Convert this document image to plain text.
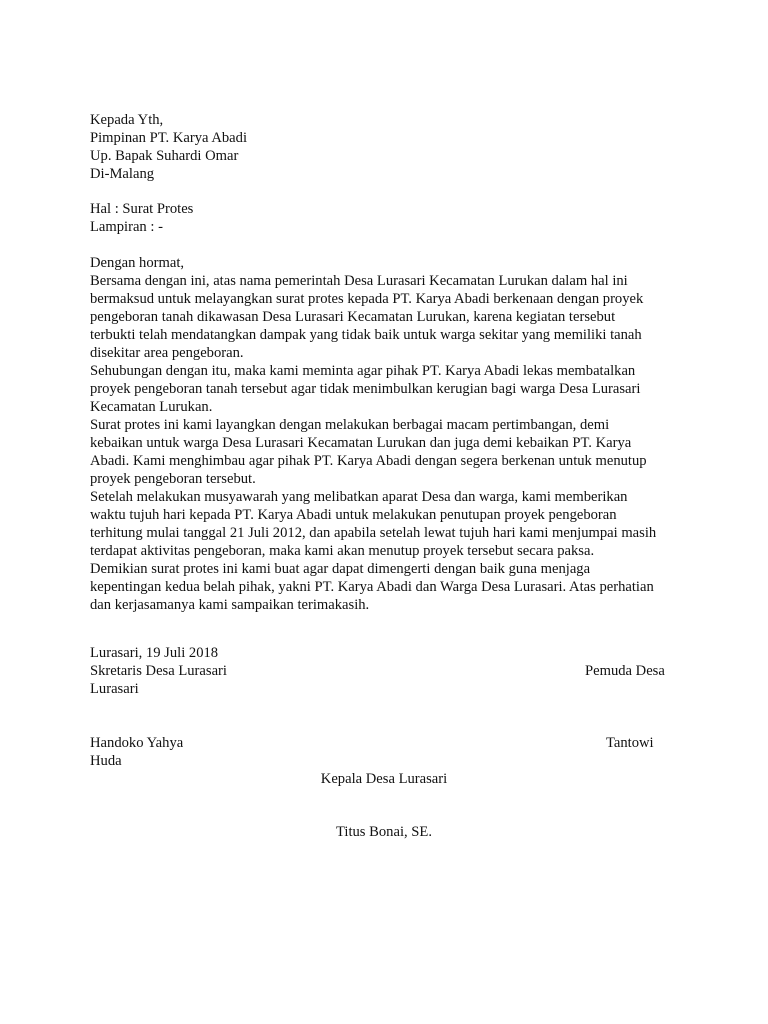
Kepada Yth,
Pimpinan PT. Karya Abadi
Up. Bapak Suhardi Omar
Di-Malang
Hal : Surat Protes
Lampiran : -
Dengan hormat,
Bersama dengan ini, atas nama pemerintah Desa Lurasari Kecamatan Lurukan dalam hal ini
bermaksud untuk melayangkan surat protes kepada PT. Karya Abadi berkenaan dengan proyek
pengeboran tanah dikawasan Desa Lurasari Kecamatan Lurukan, karena kegiatan tersebut
terbukti telah mendatangkan dampak yang tidak baik untuk warga sekitar yang memiliki tanah
disekitar area pengeboran.
Sehubungan dengan itu, maka kami meminta agar pihak PT. Karya Abadi lekas membatalkan
proyek pengeboran tanah tersebut agar tidak menimbulkan kerugian bagi warga Desa Lurasari
Kecamatan Lurukan.
Surat protes ini kami layangkan dengan melakukan berbagai macam pertimbangan, demi
kebaikan untuk warga Desa Lurasari Kecamatan Lurukan dan juga demi kebaikan PT. Karya
Abadi. Kami menghimbau agar pihak PT. Karya Abadi dengan segera berkenan untuk menutup
proyek pengeboran tersebut.
Setelah melakukan musyawarah yang melibatkan aparat Desa dan warga, kami memberikan
waktu tujuh hari kepada PT. Karya Abadi untuk melakukan penutupan proyek pengeboran
terhitung mulai tanggal 21 Juli 2012, dan apabila setelah lewat tujuh hari kami menjumpai masih
terdapat aktivitas pengeboran, maka kami akan menutup proyek tersebut secara paksa.
Demikian surat protes ini kami buat agar dapat dimengerti dengan baik guna menjaga
kepentingan kedua belah pihak, yakni PT. Karya Abadi dan Warga Desa Lurasari. Atas perhatian
dan kerjasamanya kami sampaikan terimakasih.
Lurasari, 19 Juli 2018
Skretaris Desa Lurasari	Pemuda Desa
Lurasari
Handoko Yahya	Tantowi
Huda
Kepala Desa Lurasari
Titus Bonai, SE.
